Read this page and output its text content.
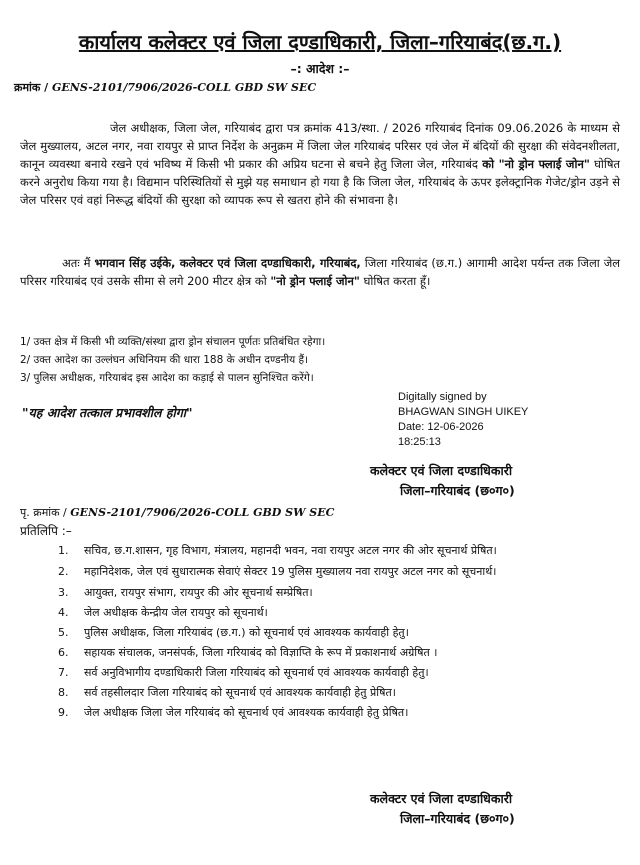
कार्यालय कलेक्टर एवं जिला दण्डाधिकारी, जिला–गरियाबंद(छ.ग.)
–: आदेश :–
क्रमांक / GENS-2101/7906/2026-COLL GBD SW SEC
जेल अधीक्षक, जिला जेल, गरियाबंद द्वारा पत्र क्रमांक 413/स्था. / 2026 गरियाबंद दिनांक 09.06.2026 के माध्यम से जेल मुख्यालय, अटल नगर, नवा रायपुर से प्राप्त निर्देश के अनुक्रम में जिला जेल गरियाबंद परिसर एवं जेल में बंदियों की सुरक्षा की संवेदनशीलता, कानून व्यवस्था बनाये रखने एवं भविष्य में किसी भी प्रकार की अप्रिय घटना से बचने हेतु जिला जेल, गरियाबंद को "नो ड्रोन फ्लाई जोन" घोषित करने अनुरोध किया गया है। विद्यमान परिस्थितियों से मुझे यह समाधान हो गया है कि जिला जेल, गरियाबंद के ऊपर इलेक्ट्रानिक गेजेट/ड्रोन उड़ने से जेल परिसर एवं वहां निरूद्ध बंदियों की सुरक्षा को व्यापक रूप से खतरा होने की संभावना है।
अतः मैं भगवान सिंह उईके, कलेक्टर एवं जिला दण्डाधिकारी, गरियाबंद, जिला गरियाबंद (छ.ग.) आगामी आदेश पर्यन्त तक जिला जेल परिसर गरियाबंद एवं उसके सीमा से लगे 200 मीटर क्षेत्र को "नो ड्रोन फ्लाई जोन" घोषित करता हूँ।
1/ उक्त क्षेत्र में किसी भी व्यक्ति/संस्था द्वारा ड्रोन संचालन पूर्णतः प्रतिबंधित रहेगा।
2/ उक्त आदेश का उल्लंघन अधिनियम की धारा 188 के अधीन दण्डनीय हैं।
3/ पुलिस अधीक्षक, गरियाबंद इस आदेश का कड़ाई से पालन सुनिश्चित करेंगे।
"यह आदेश तत्काल प्रभावशील होगा"
Digitally signed by
BHAGWAN SINGH UIKEY
Date: 12-06-2026
18:25:13
कलेक्टर एवं जिला दण्डाधिकारी
जिला–गरियाबंद (छ०ग०)
पृ. क्रमांक / GENS-2101/7906/2026-COLL GBD SW SEC
प्रतिलिपि :–
1.	सचिव, छ.ग.शासन, गृह विभाग, मंत्रालय, महानदी भवन, नवा रायपुर अटल नगर की ओर सूचनार्थ प्रेषित।
2.	महानिदेशक, जेल एवं सुधारात्मक सेवाएं सेक्टर 19 पुलिस मुख्यालय नवा रायपुर अटल नगर को सूचनार्थ।
3.	आयुक्त, रायपुर संभाग, रायपुर की ओर सूचनार्थ सम्प्रेषित।
4.	जेल अधीक्षक केन्द्रीय जेल रायपुर को सूचनार्थ।
5.	पुलिस अधीक्षक, जिला गरियाबंद (छ.ग.) को सूचनार्थ एवं आवश्यक कार्यवाही हेतु।
6.	सहायक संचालक, जनसंपर्क, जिला गरियाबंद को विज्ञाप्ति के रूप में प्रकाशनार्थ अग्रेषित ।
7.	सर्व अनुविभागीय दण्डाधिकारी जिला गरियाबंद को सूचनार्थ एवं आवश्यक कार्यवाही हेतु।
8.	सर्व तहसीलदार जिला गरियाबंद को सूचनार्थ एवं आवश्यक कार्यवाही हेतु प्रेषित।
9.	जेल अधीक्षक जिला जेल गरियाबंद को सूचनार्थ एवं आवश्यक कार्यवाही हेतु प्रेषित।
कलेक्टर एवं जिला दण्डाधिकारी
जिला–गरियाबंद (छ०ग०)
